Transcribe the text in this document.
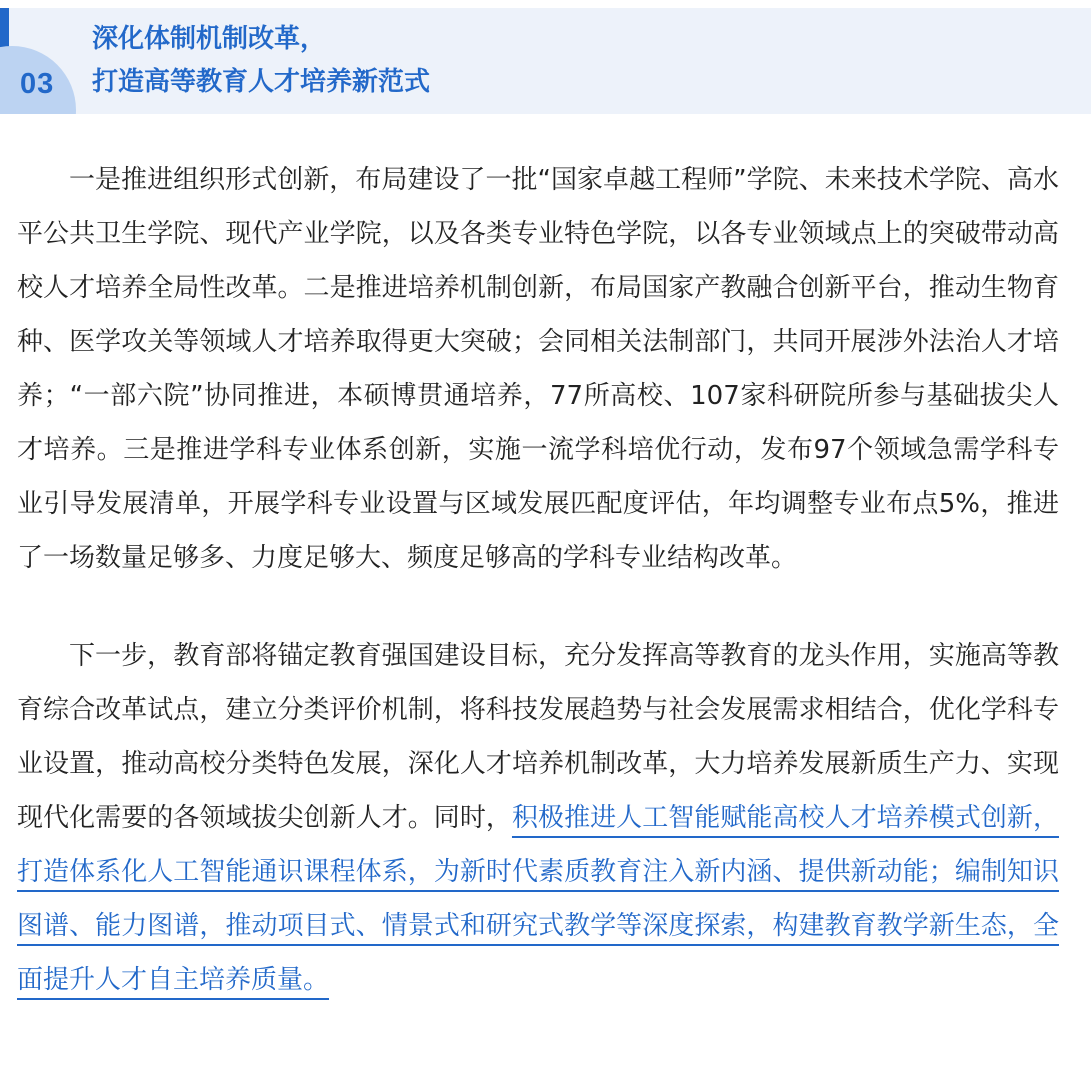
03
深化体制机制改革，
打造高等教育人才培养新范式

一是推进组织形式创新，布局建设了一批“国家卓越工程师”学院、未来技术学院、高水平公共卫生学院、现代产业学院，以及各类专业特色学院，以各专业领域点上的突破带动高校人才培养全局性改革。二是推进培养机制创新，布局国家产教融合创新平台，推动生物育种、医学攻关等领域人才培养取得更大突破；会同相关法制部门，共同开展涉外法治人才培养；“一部六院”协同推进，本硕博贯通培养，77所高校、107家科研院所参与基础拔尖人才培养。三是推进学科专业体系创新，实施一流学科培优行动，发布97个领域急需学科专业引导发展清单，开展学科专业设置与区域发展匹配度评估，年均调整专业布点5%，推进了一场数量足够多、力度足够大、频度足够高的学科专业结构改革。

下一步，教育部将锚定教育强国建设目标，充分发挥高等教育的龙头作用，实施高等教育综合改革试点，建立分类评价机制，将科技发展趋势与社会发展需求相结合，优化学科专业设置，推动高校分类特色发展，深化人才培养机制改革，大力培养发展新质生产力、实现现代化需要的各领域拔尖创新人才。同时，积极推进人工智能赋能高校人才培养模式创新，打造体系化人工智能通识课程体系，为新时代素质教育注入新内涵、提供新动能；编制知识图谱、能力图谱，推动项目式、情景式和研究式教学等深度探索，构建教育教学新生态，全面提升人才自主培养质量。
